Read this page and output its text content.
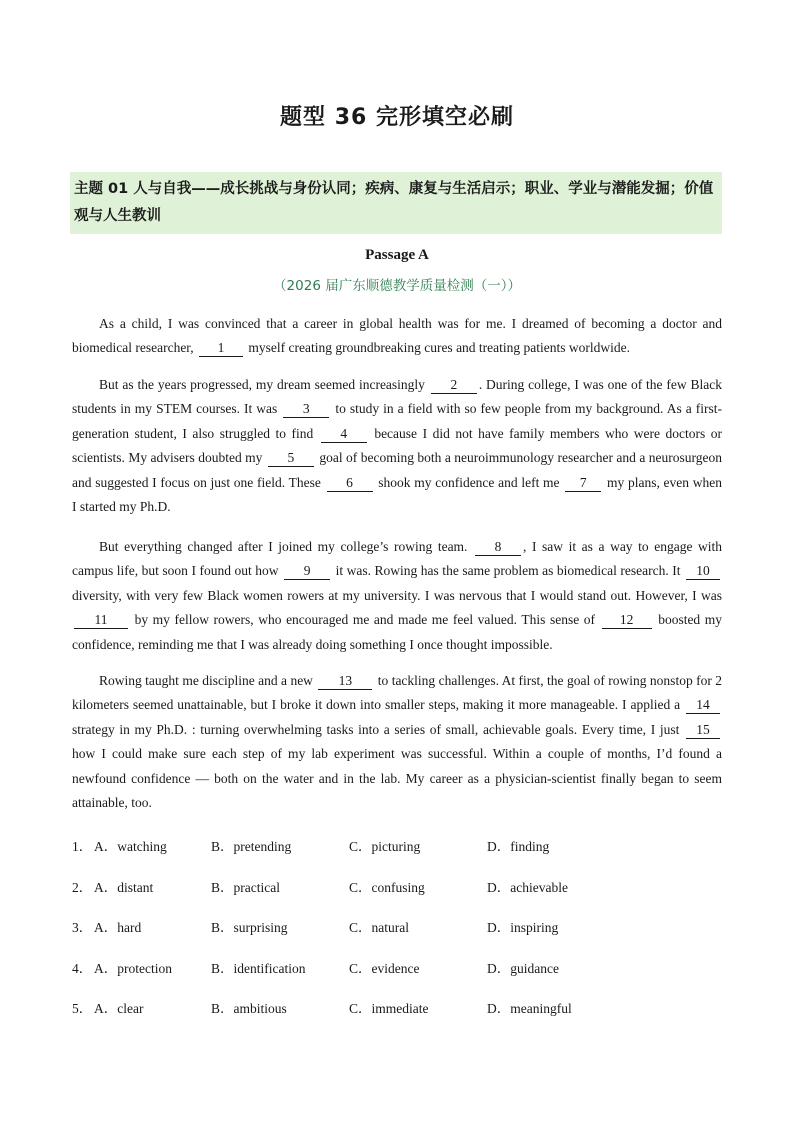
题型 36 完形填空必刷
主题 01 人与自我——成长挑战与身份认同；疾病、康复与生活启示；职业、学业与潜能发掘；价值观与人生教训
Passage A
（2026 届广东顺德教学质量检测（一））

As a child, I was convinced that a career in global health was for me. I dreamed of becoming a doctor and biomedical researcher, 1 myself creating groundbreaking cures and treating patients worldwide.

But as the years progressed, my dream seemed increasingly 2 . During college, I was one of the few Black students in my STEM courses. It was 3 to study in a field with so few people from my background. As a first-generation student, I also struggled to find 4 because I did not have family members who were doctors or scientists. My advisers doubted my 5 goal of becoming both a neuroimmunology researcher and a neurosurgeon and suggested I focus on just one field. These 6 shook my confidence and left me 7 my plans, even when I started my Ph.D.

But everything changed after I joined my college’s rowing team. 8 , I saw it as a way to engage with campus life, but soon I found out how 9 it was. Rowing has the same problem as biomedical research. It 10 diversity, with very few Black women rowers at my university. I was nervous that I would stand out. However, I was 11 by my fellow rowers, who encouraged me and made me feel valued. This sense of 12 boosted my confidence, reminding me that I was already doing something I once thought impossible.

Rowing taught me discipline and a new 13 to tackling challenges. At first, the goal of rowing nonstop for 2 kilometers seemed unattainable, but I broke it down into smaller steps, making it more manageable. I applied a 14 strategy in my Ph.D. : turning overwhelming tasks into a series of small, achievable goals. Every time, I just 15 how I could make sure each step of my lab experiment was successful. Within a couple of months, I’d found a newfound confidence — both on the water and in the lab. My career as a physician-scientist finally began to seem attainable, too.

1． A．watching	B．pretending	C．picturing	D．finding
2． A．distant	B．practical	C．confusing	D．achievable
3． A．hard	B．surprising	C．natural	D．inspiring
4． A．protection	B．identification	C．evidence	D．guidance
5． A．clear	B．ambitious	C．immediate	D．meaningful
